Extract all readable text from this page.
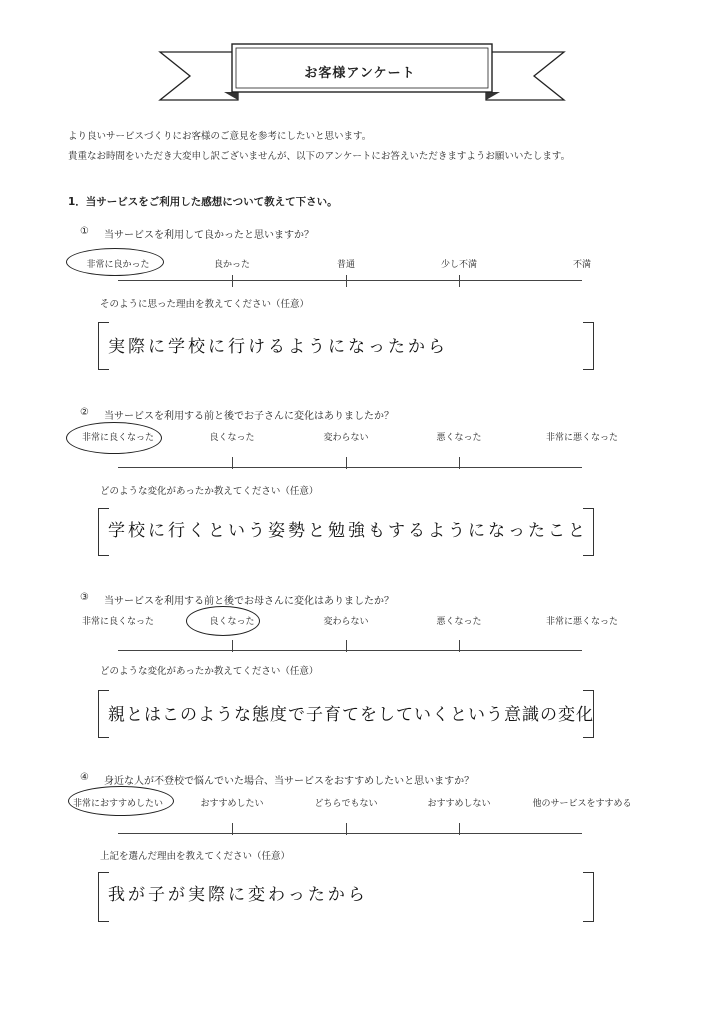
お客様アンケート
より良いサービスづくりにお客様のご意見を参考にしたいと思います。
貴重なお時間をいただき大変申し訳ございませんが、以下のアンケートにお答えいただきますようお願いいたします。
1．当サービスをご利用した感想について教えて下さい。
① 当サービスを利用して良かったと思いますか？
非常に良かった	良かった	普通	少し不満	不満
そのように思った理由を教えてください（任意）
実際に学校に行けるようになったから
② 当サービスを利用する前と後でお子さんに変化はありましたか？
非常に良くなった	良くなった	変わらない	悪くなった	非常に悪くなった
どのような変化があったか教えてください（任意）
学校に行くという姿勢と勉強もするようになったこと
③ 当サービスを利用する前と後でお母さんに変化はありましたか？
非常に良くなった	良くなった	変わらない	悪くなった	非常に悪くなった
どのような変化があったか教えてください（任意）
親とはこのような態度で子育てをしていくという意識の変化
④ 身近な人が不登校で悩んでいた場合、当サービスをおすすめしたいと思いますか？
非常におすすめしたい	おすすめしたい	どちらでもない	おすすめしない	他のサービスをすすめる
上記を選んだ理由を教えてください（任意）
我が子が実際に変わったから
